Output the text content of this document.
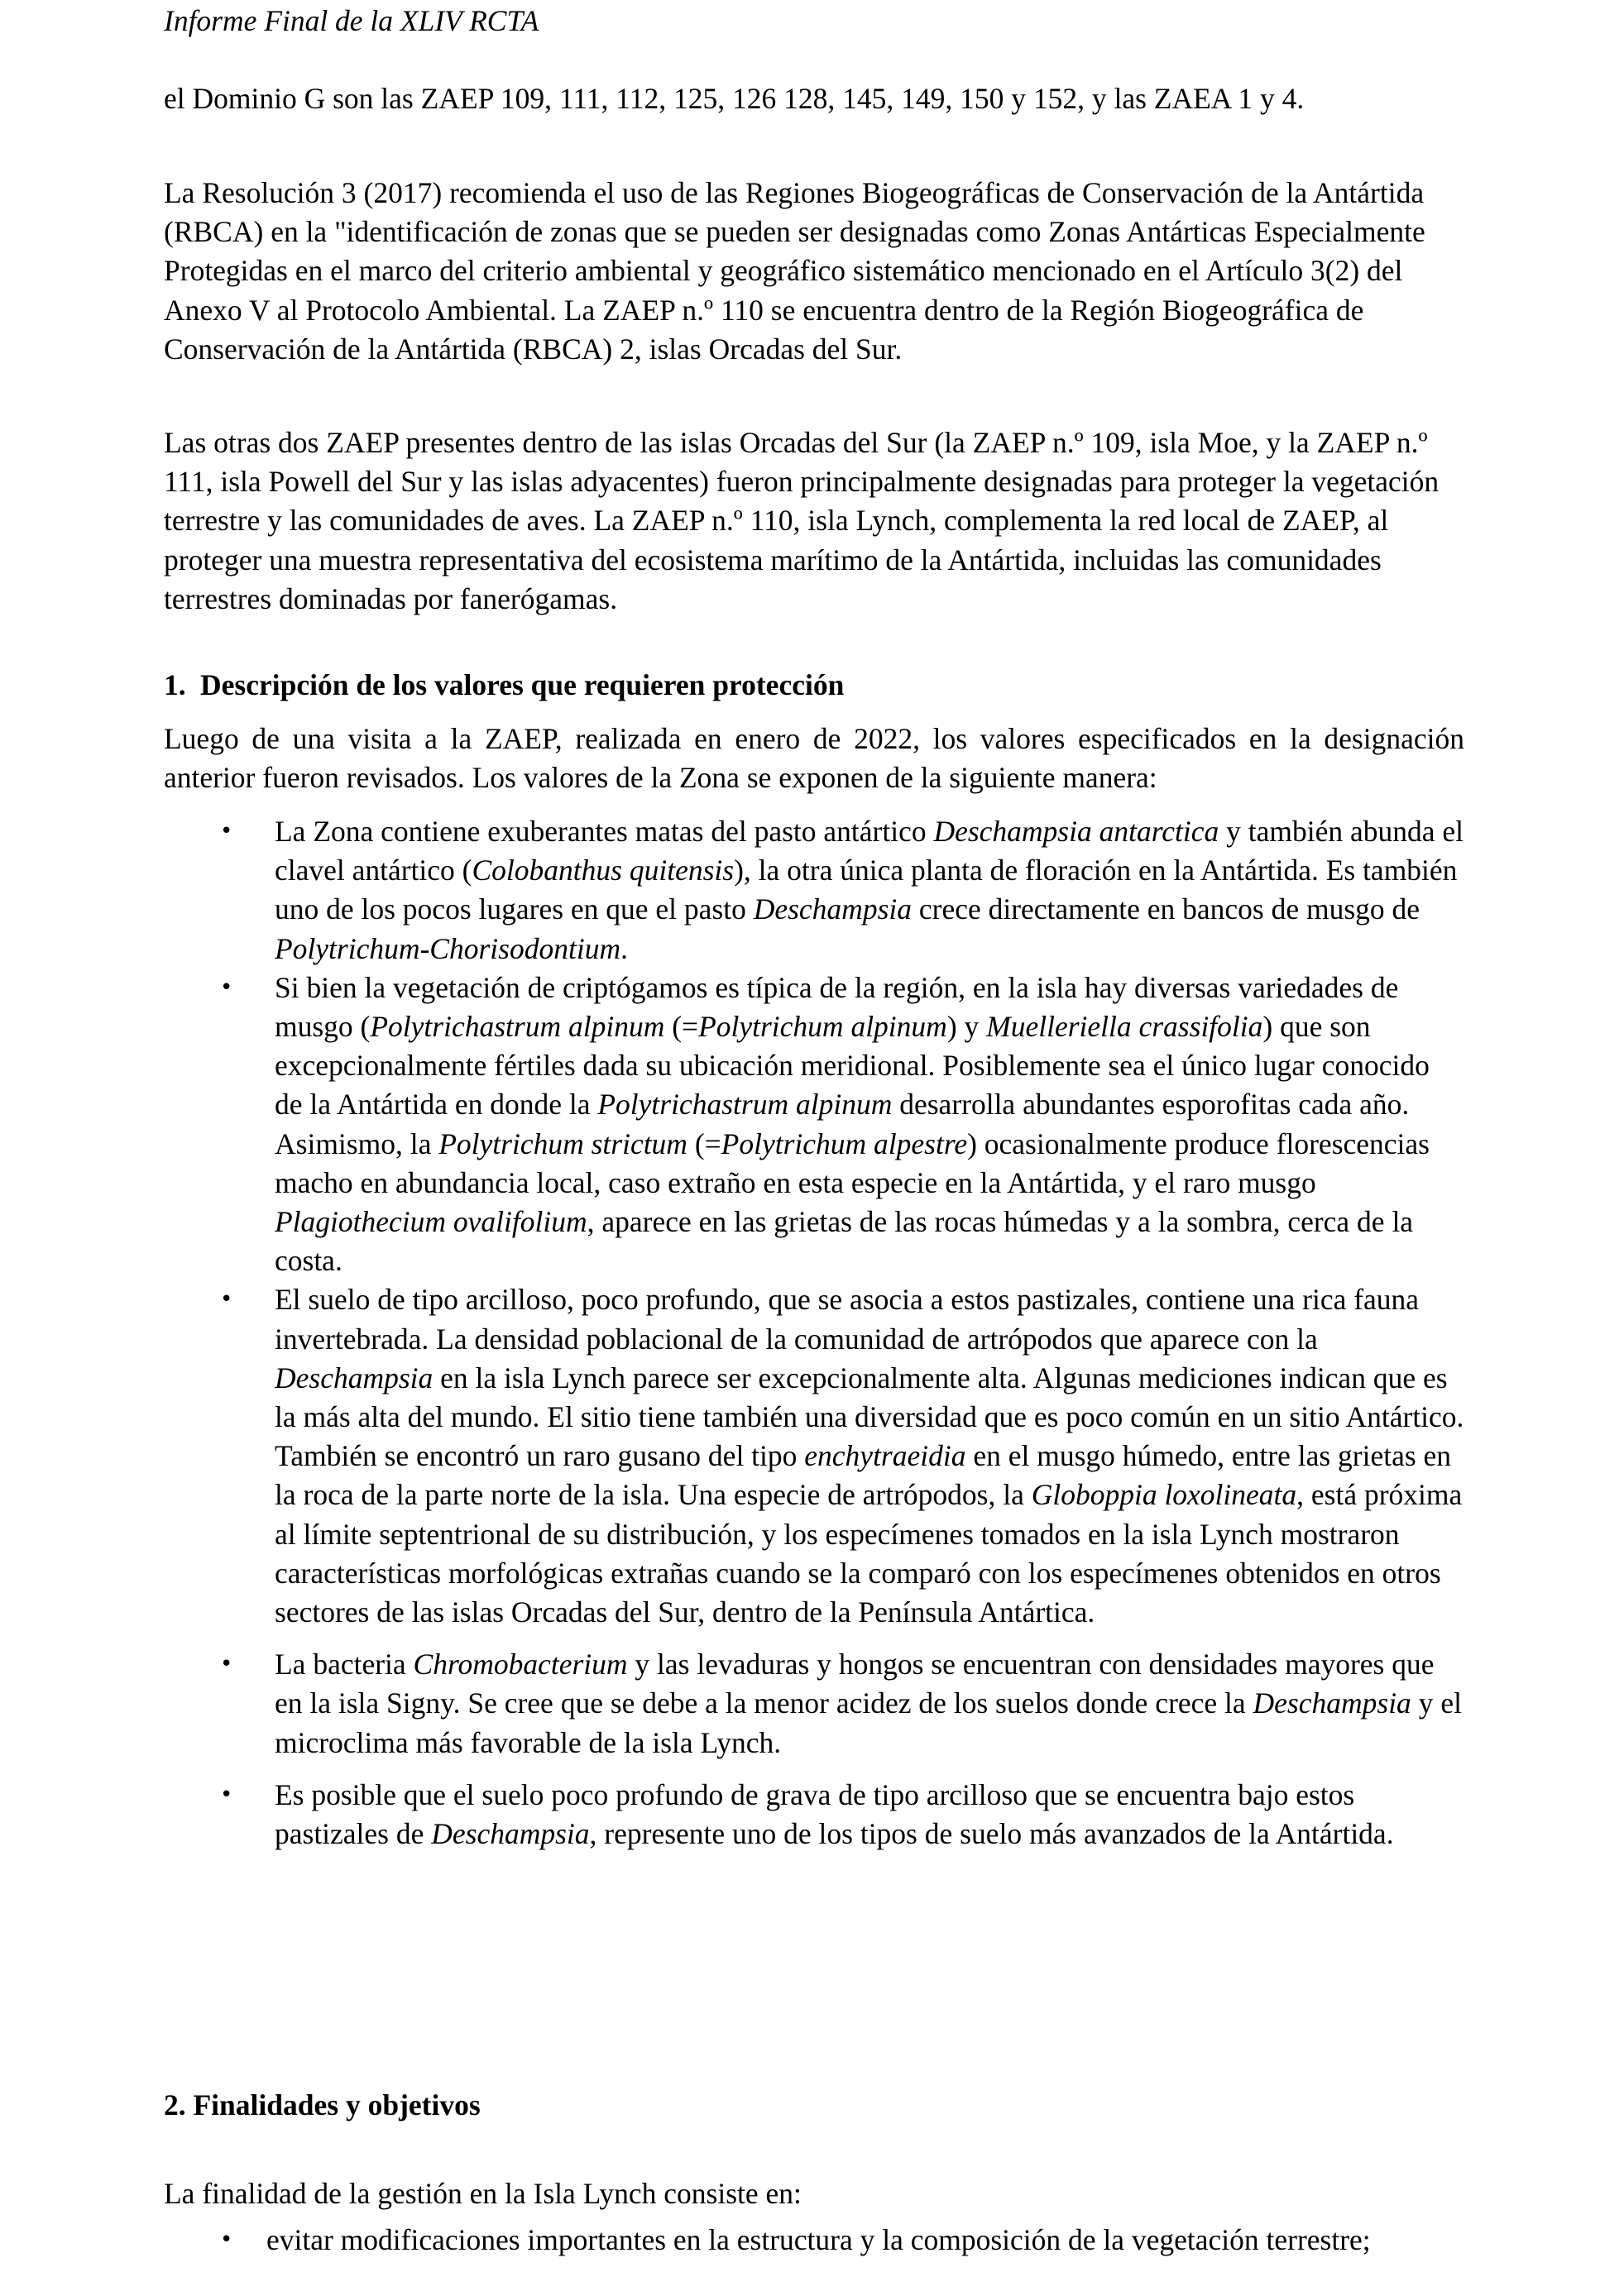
Informe Final de la XLIV RCTA

el Dominio G son las ZAEP 109, 111, 112, 125, 126 128, 145, 149, 150 y 152, y las ZAEA 1 y 4.

La Resolución 3 (2017) recomienda el uso de las Regiones Biogeográficas de Conservación de la Antártida (RBCA) en la "identificación de zonas que se pueden ser designadas como Zonas Antárticas Especialmente Protegidas en el marco del criterio ambiental y geográfico sistemático mencionado en el Artículo 3(2) del Anexo V al Protocolo Ambiental. La ZAEP n.º 110 se encuentra dentro de la Región Biogeográfica de Conservación de la Antártida (RBCA) 2, islas Orcadas del Sur.

Las otras dos ZAEP presentes dentro de las islas Orcadas del Sur (la ZAEP n.º 109, isla Moe, y la ZAEP n.º 111, isla Powell del Sur y las islas adyacentes) fueron principalmente designadas para proteger la vegetación terrestre y las comunidades de aves. La ZAEP n.º 110, isla Lynch, complementa la red local de ZAEP, al proteger una muestra representativa del ecosistema marítimo de la Antártida, incluidas las comunidades terrestres dominadas por fanerógamas.

1. Descripción de los valores que requieren protección

Luego de una visita a la ZAEP, realizada en enero de 2022, los valores especificados en la designación anterior fueron revisados. Los valores de la Zona se exponen de la siguiente manera:

• La Zona contiene exuberantes matas del pasto antártico Deschampsia antarctica y también abunda el clavel antártico (Colobanthus quitensis), la otra única planta de floración en la Antártida. Es también uno de los pocos lugares en que el pasto Deschampsia crece directamente en bancos de musgo de Polytrichum-Chorisodontium.
• Si bien la vegetación de criptógamos es típica de la región, en la isla hay diversas variedades de musgo (Polytrichastrum alpinum (=Polytrichum alpinum) y Muelleriella crassifolia) que son excepcionalmente fértiles dada su ubicación meridional. Posiblemente sea el único lugar conocido de la Antártida en donde la Polytrichastrum alpinum desarrolla abundantes esporofitas cada año. Asimismo, la Polytrichum strictum (=Polytrichum alpestre) ocasionalmente produce florescencias macho en abundancia local, caso extraño en esta especie en la Antártida, y el raro musgo Plagiothecium ovalifolium, aparece en las grietas de las rocas húmedas y a la sombra, cerca de la costa.
• El suelo de tipo arcilloso, poco profundo, que se asocia a estos pastizales, contiene una rica fauna invertebrada. La densidad poblacional de la comunidad de artrópodos que aparece con la Deschampsia en la isla Lynch parece ser excepcionalmente alta. Algunas mediciones indican que es la más alta del mundo. El sitio tiene también una diversidad que es poco común en un sitio Antártico. También se encontró un raro gusano del tipo enchytraeidia en el musgo húmedo, entre las grietas en la roca de la parte norte de la isla. Una especie de artrópodos, la Globoppia loxolineata, está próxima al límite septentrional de su distribución, y los especímenes tomados en la isla Lynch mostraron características morfológicas extrañas cuando se la comparó con los especímenes obtenidos en otros sectores de las islas Orcadas del Sur, dentro de la Península Antártica.
• La bacteria Chromobacterium y las levaduras y hongos se encuentran con densidades mayores que en la isla Signy. Se cree que se debe a la menor acidez de los suelos donde crece la Deschampsia y el microclima más favorable de la isla Lynch.
• Es posible que el suelo poco profundo de grava de tipo arcilloso que se encuentra bajo estos pastizales de Deschampsia, represente uno de los tipos de suelo más avanzados de la Antártida.
2. Finalidades y objetivos

La finalidad de la gestión en la Isla Lynch consiste en:

• evitar modificaciones importantes en la estructura y la composición de la vegetación terrestre;
